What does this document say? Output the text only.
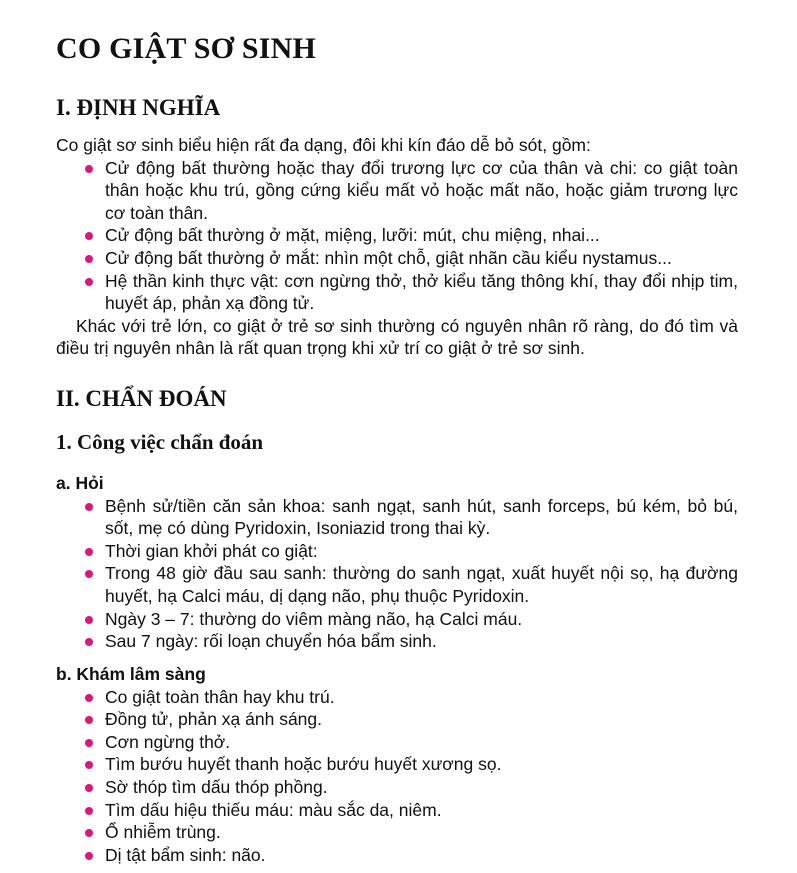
CO GIẬT SƠ SINH
I. ĐỊNH NGHĨA

Co giật sơ sinh biểu hiện rất đa dạng, đôi khi kín đáo dễ bỏ sót, gồm:

Cử động bất thường hoặc thay đổi trương lực cơ của thân và chi: co giật toàn thân hoặc khu trú, gồng cứng kiểu mất vỏ hoặc mất não, hoặc giảm trương lực cơ toàn thân.
Cử động bất thường ở mặt, miệng, lưỡi: mút, chu miệng, nhai...
Cử động bất thường ở mắt: nhìn một chỗ, giật nhãn cầu kiểu nystamus...
Hệ thần kinh thực vật: cơn ngừng thở, thở kiểu tăng thông khí, thay đổi nhịp tim, huyết áp, phản xạ đồng tử.

Khác với trẻ lớn, co giật ở trẻ sơ sinh thường có nguyên nhân rõ ràng, do đó tìm và điều trị nguyên nhân là rất quan trọng khi xử trí co giật ở trẻ sơ sinh.

II. CHẨN ĐOÁN
1. Công việc chẩn đoán

a. Hỏi

Bệnh sử/tiền căn sản khoa: sanh ngạt, sanh hút, sanh forceps, bú kém, bỏ bú, sốt, mẹ có dùng Pyridoxin, Isoniazid trong thai kỳ.
Thời gian khởi phát co giật:
Trong 48 giờ đầu sau sanh: thường do sanh ngạt, xuất huyết nội sọ, hạ đường huyết, hạ Calci máu, dị dạng não, phụ thuộc Pyridoxin.
Ngày 3 – 7: thường do viêm màng não, hạ Calci máu.
Sau 7 ngày: rối loạn chuyển hóa bẩm sinh.

b. Khám lâm sàng

Co giật toàn thân hay khu trú.
Đồng tử, phản xạ ánh sáng.
Cơn ngừng thở.
Tìm bướu huyết thanh hoặc bướu huyết xương sọ.
Sờ thóp tìm dấu thóp phồng.
Tìm dấu hiệu thiếu máu: màu sắc da, niêm.
Ổ nhiễm trùng.
Dị tật bẩm sinh: não.
